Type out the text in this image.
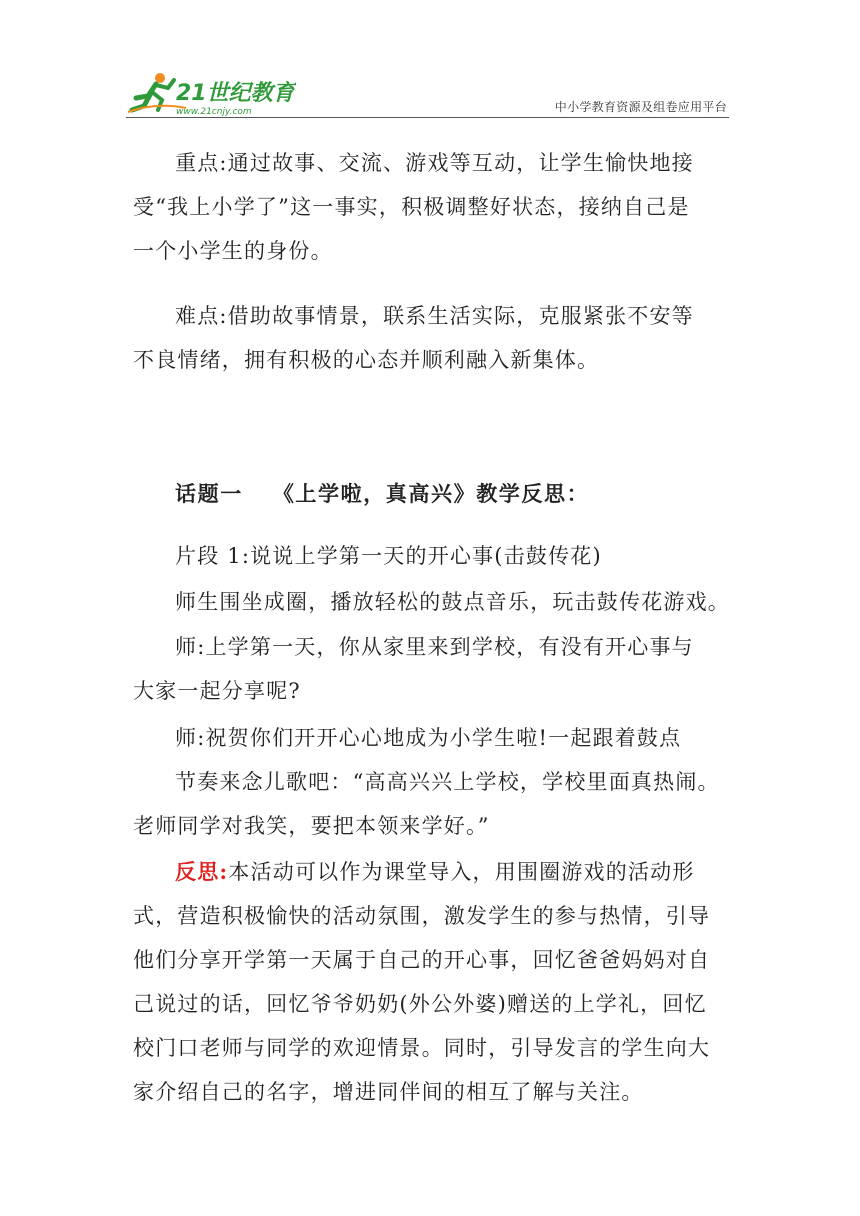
21世纪教育
www.21cnjy.com	中小学教育资源及组卷应用平台
重点:通过故事、交流、游戏等互动，让学生愉快地接
受“我上小学了”这一事实，积极调整好状态，接纳自己是
一个小学生的身份。
难点:借助故事情景，联系生活实际，克服紧张不安等
不良情绪，拥有积极的心态并顺利融入新集体。
话题一 《上学啦，真高兴》教学反思：
片段 1:说说上学第一天的开心事(击鼓传花)
师生围坐成圈，播放轻松的鼓点音乐，玩击鼓传花游戏。
师:上学第一天，你从家里来到学校，有没有开心事与
大家一起分享呢?
师:祝贺你们开开心心地成为小学生啦!一起跟着鼓点
节奏来念儿歌吧：“高高兴兴上学校，学校里面真热闹。
老师同学对我笑，要把本领来学好。”
反思:本活动可以作为课堂导入，用围圈游戏的活动形
式，营造积极愉快的活动氛围，激发学生的参与热情，引导
他们分享开学第一天属于自己的开心事，回忆爸爸妈妈对自
己说过的话，回忆爷爷奶奶(外公外婆)赠送的上学礼，回忆
校门口老师与同学的欢迎情景。同时，引导发言的学生向大
家介绍自己的名字，增进同伴间的相互了解与关注。
